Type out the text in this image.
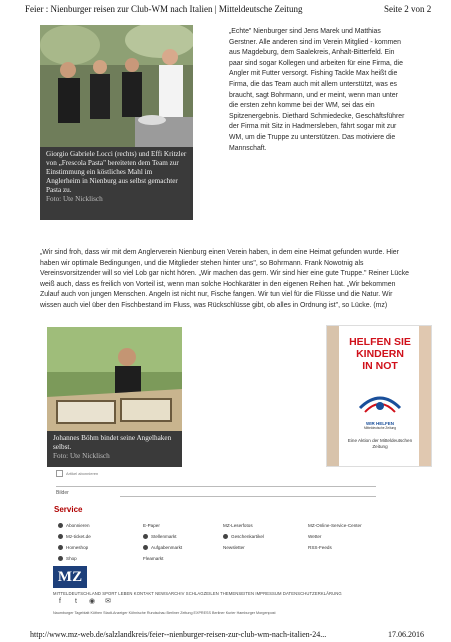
Feier : Nienburger reisen zur Club-WM nach Italien | Mitteldeutsche Zeitung	Seite 2 von 2
Giorgio Gabriele Locci (rechts) und Effi Kritzler von „Frescola Pasta" bereiteten dem Team zur Einstimmung ein köstliches Mahl im Anglerheim in Nienburg aus selbst gemachter Pasta zu.
Foto: Ute Nicklisch
„Echte" Nienburger sind Jens Marek und Matthias Gerstner. Alle anderen sind im Verein Mitglied - kommen aus Magdeburg, dem Saalekreis, Anhalt-Bitterfeld. Ein paar sind sogar Kollegen und arbeiten für eine Firma, die Angler mit Futter versorgt. Fishing Tackle Max heißt die Firma, die das Team auch mit allem unterstützt, was es braucht, sagt Bohrmann, und er meint, wenn man unter die ersten zehn komme bei der WM, sei das ein Spitzenergebnis. Diethard Schmiedecke, Geschäftsführer der Firma mit Sitz in Hadmersleben, fährt sogar mit zur WM, um die Truppe zu unterstützen. Das motiviere die Mannschaft.
„Wir sind froh, dass wir mit dem Anglerverein Nienburg einen Verein haben, in dem eine Heimat gefunden wurde. Hier haben wir optimale Bedingungen, und die Mitglieder stehen hinter uns", so Bohrmann. Frank Nowotnig als Vereinsvorsitzender will so viel Lob gar nicht hören. „Wir machen das gern. Wir sind hier eine gute Truppe." Reiner Lücke weiß auch, dass es freilich von Vorteil ist, wenn man solche Hochkaräter in den eigenen Reihen hat. „Wir bekommen Zulauf auch von jungen Menschen. Angeln ist nicht nur, Fische fangen. Wir tun viel für die Flüsse und die Natur. Wir wissen auch viel über den Fischbestand im Fluss, was Rückschlüsse gibt, ob alles in Ordnung ist", so Lücke. (mz)
Johannes Böhm bindet seine Angelhaken selbst.
Foto: Ute Nicklisch
HELFEN SIE
KINDERN
IN NOT
WIR HELFEN
Mitteldeutsche Zeitung
Eine Aktion der Mitteldeutschen Zeitung
Artikel abonnieren
Bilder
Service
Abonnieren
Mz-ticket.de
Homeshop
Shop
E-Paper
Stellenmarkt
Aufgabenmarkt
Fleamarkt
MZ-Leserfotos
Geschenkartikel
Newsletter
MZ-Online-Service-Center
Wetter
RSS-Feeds
MZ
MITTELDEUTSCHLAND SPORT LEBEN KONTAKT NEWSARCHIV SCHLAGZEILEN THEMENSEITEN IMPRESSUM DATENSCHUTZERKLÄRUNG
f	t	◉ ✉
Naumburger Tageblatt Köthen Stadt-Anzeiger Köhnische Rundschau Berliner Zeitung EXPRESS Berliner Kurier Hamburger Morgenpost
http://www.mz-web.de/salzlandkreis/feier--nienburger-reisen-zur-club-wm-nach-italien-24...	17.06.2016
